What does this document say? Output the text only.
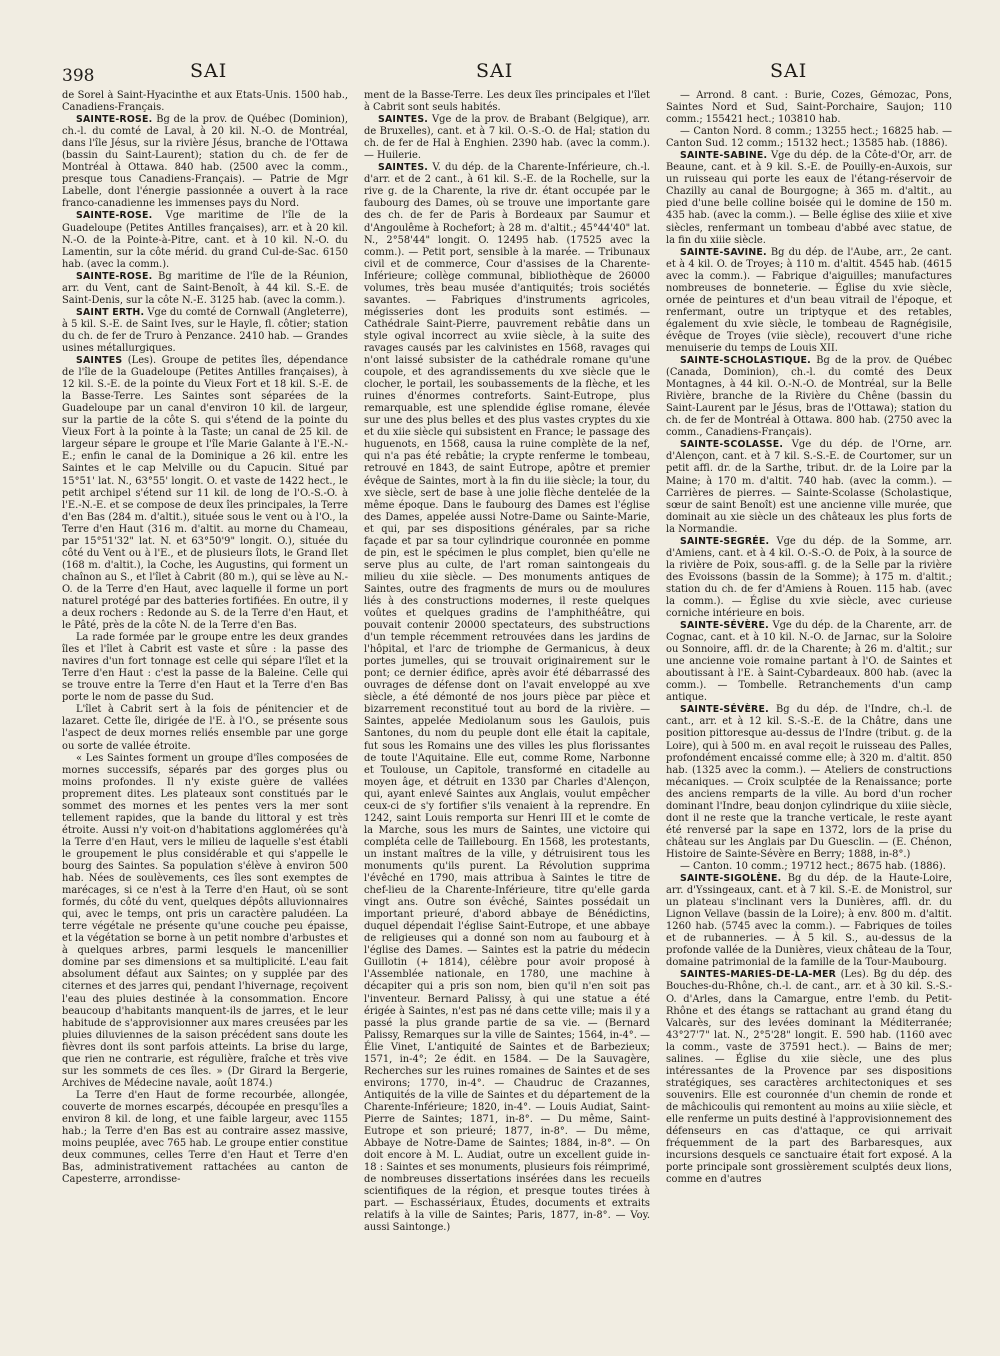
398	SAI	SAI	SAI

de Sorel à Saint-Hyacinthe et aux États-Unis. 1500 hab., Canadiens-Français.

SAINTE-ROSE. Bg de la prov. de Québec (Dominion), ch.-l. du comté de Laval, à 20 kil. N.-O. de Montréal, dans l'île Jésus, sur la rivière Jésus, branche de l'Ottawa (bassin du Saint-Laurent); station du ch. de fer de Montréal à Ottawa. 840 hab. (2500 avec la comm., presque tous Canadiens-Français). — Patrie de Mgr Labelle, dont l'énergie passionnée a ouvert à la race franco-canadienne les immenses pays du Nord.

SAINTE-ROSE. Vge maritime de l'île de la Guadeloupe (Petites Antilles françaises), arr. et à 20 kil. N.-O. de la Pointe-à-Pitre, cant. et à 10 kil. N.-O. du Lamentin, sur la côte mérid. du grand Cul-de-Sac. 6150 hab. (avec la comm.).

SAINTE-ROSE. Bg maritime de l'île de la Réunion, arr. du Vent, cant de Saint-Benoît, à 44 kil. S.-E. de Saint-Denis, sur la côte N.-E. 3125 hab. (avec la comm.).

SAINT ERTH. Vge du comté de Cornwall (Angleterre), à 5 kil. S.-E. de Saint Ives, sur le Hayle, fl. côtier; station du ch. de fer de Truro à Penzance. 2410 hab. — Grandes usines métallurgiques.

SAINTES (Les). Groupe de petites îles, dépendance de l'île de la Guadeloupe (Petites Antilles françaises), à 12 kil. S.-E. de la pointe du Vieux Fort et 18 kil. S.-E. de la Basse-Terre. Les Saintes sont séparées de la Guadeloupe par un canal d'environ 10 kil. de largeur, sur la partie de la côte S. qui s'étend de la pointe du Vieux Fort à la pointe à la Taste; un canal de 25 kil. de largeur sépare le groupe et l'île Marie Galante à l'E.-N.-E.; enfin le canal de la Dominique a 26 kil. entre les Saintes et le cap Melville ou du Capucin. Situé par 15°51' lat. N., 63°55' longit. O. et vaste de 1422 hect., le petit archipel s'étend sur 11 kil. de long de l'O.-S.-O. à l'E.-N.-E. et se compose de deux îles principales, la Terre d'en Bas (284 m. d'altit.), située sous le vent ou à l'O., la Terre d'en Haut (316 m. d'altit. au morne du Chameau, par 15°51'32" lat. N. et 63°50'9" longit. O.), située du côté du Vent ou à l'E., et de plusieurs îlots, le Grand Ilet (168 m. d'altit.), la Coche, les Augustins, qui forment un chaînon au S., et l'îlet à Cabrit (80 m.), qui se lève au N.-O. de la Terre d'en Haut, avec laquelle il forme un port naturel protégé par des batteries fortifiées. En outre, il y a deux rochers : Redonde au S. de la Terre d'en Haut, et le Pâté, près de la côte N. de la Terre d'en Bas.

La rade formée par le groupe entre les deux grandes îles et l'îlet à Cabrit est vaste et sûre : la passe des navires d'un fort tonnage est celle qui sépare l'îlet et la Terre d'en Haut : c'est la passe de la Baleine. Celle qui se trouve entre la Terre d'en Haut et la Terre d'en Bas porte le nom de passe du Sud.

L'îlet à Cabrit sert à la fois de pénitencier et de lazaret. Cette île, dirigée de l'E. à l'O., se présente sous l'aspect de deux mornes reliés ensemble par une gorge ou sorte de vallée étroite.

« Les Saintes forment un groupe d'îles composées de mornes successifs, séparés par des gorges plus ou moins profondes. Il n'y existe guère de vallées proprement dites. Les plateaux sont constitués par le sommet des mornes et les pentes vers la mer sont tellement rapides, que la bande du littoral y est très étroite. Aussi n'y voit-on d'habitations agglomérées qu'à la Terre d'en Haut, vers le milieu de laquelle s'est établi le groupement le plus considérable et qui s'appelle le bourg des Saintes. Sa population s'élève à environ 500 hab. Nées de soulèvements, ces îles sont exemptes de marécages, si ce n'est à la Terre d'en Haut, où se sont formés, du côté du vent, quelques dépôts alluvionnaires qui, avec le temps, ont pris un caractère paludéen. La terre végétale ne présente qu'une couche peu épaisse, et la végétation se borne à un petit nombre d'arbustes et à quelques arbres, parmi lesquels le mancenillier domine par ses dimensions et sa multiplicité. L'eau fait absolument défaut aux Saintes; on y supplée par des citernes et des jarres qui, pendant l'hivernage, reçoivent l'eau des pluies destinée à la consommation. Encore beaucoup d'habitants manquent-ils de jarres, et le leur habitude de s'approvisionner aux mares creusées par les pluies diluviennes de la saison précédent sans doute les fièvres dont ils sont parfois atteints. La brise du large, que rien ne contrarie, est régulière, fraîche et très vive sur les sommets de ces îles. » (Dr Girard la Bergerie, Archives de Médecine navale, août 1874.)

La Terre d'en Haut de forme recourbée, allongée, couverte de mornes escarpés, découpée en presqu'îles a environ 8 kil. de long, et une faible largeur, avec 1155 hab.; la Terre d'en Bas est au contraire assez massive, moins peuplée, avec 765 hab. Le groupe entier constitue deux communes, celles Terre d'en Haut et Terre d'en Bas, administrativement rattachées au canton de Capesterre, arrondisse-

ment de la Basse-Terre. Les deux îles principales et l'îlet à Cabrit sont seuls habités.

SAINTES. Vge de la prov. de Brabant (Belgique), arr. de Bruxelles), cant. et à 7 kil. O.-S.-O. de Hal; station du ch. de fer de Hal à Enghien. 2390 hab. (avec la comm.). — Huilerie.

SAINTES. V. du dép. de la Charente-Inférieure, ch.-l. d'arr. et de 2 cant., à 61 kil. S.-E. de la Rochelle, sur la rive g. de la Charente, la rive dr. étant occupée par le faubourg des Dames, où se trouve une importante gare des ch. de fer de Paris à Bordeaux par Saumur et d'Angoulême à Rochefort; à 28 m. d'altit.; 45°44'40" lat. N., 2°58'44" longit. O. 12495 hab. (17525 avec la comm.). — Petit port, sensible à la marée. — Tribunaux civil et de commerce, Cour d'assises de la Charente-Inférieure; collège communal, bibliothèque de 26000 volumes, très beau musée d'antiquités; trois sociétés savantes. — Fabriques d'instruments agricoles, mégisseries dont les produits sont estimés. — Cathédrale Saint-Pierre, pauvrement rebâtie dans un style ogival incorrect au xviie siècle, à la suite des ravages causés par les calvinistes en 1568, ravages qui n'ont laissé subsister de la cathédrale romane qu'une coupole, et des agrandissements du xve siècle que le clocher, le portail, les soubassements de la flèche, et les ruines d'énormes contreforts. Saint-Eutrope, plus remarquable, est une splendide église romane, élevée sur une des plus belles et des plus vastes cryptes du xie et du xiie siècle qui subsistent en France; le passage des huguenots, en 1568, causa la ruine complète de la nef, qui n'a pas été rebâtie; la crypte renferme le tombeau, retrouvé en 1843, de saint Eutrope, apôtre et premier évêque de Saintes, mort à la fin du iiie siècle; la tour, du xve siècle, sert de base à une jolie flèche dentelée de la même époque. Dans le faubourg des Dames est l'église des Dames, appelée aussi Notre-Dame ou Sainte-Marie, et qui, par ses dispositions générales, par sa riche façade et par sa tour cylindrique couronnée en pomme de pin, est le spécimen le plus complet, bien qu'elle ne serve plus au culte, de l'art roman saintongeais du milieu du xiie siècle. — Des monuments antiques de Saintes, outre des fragments de murs ou de moulures liés à des constructions modernes, il reste quelques voûtes et quelques gradins de l'amphithéâtre, qui pouvait contenir 20000 spectateurs, des substructions d'un temple récemment retrouvées dans les jardins de l'hôpital, et l'arc de triomphe de Germanicus, à deux portes jumelles, qui se trouvait originairement sur le pont; ce dernier édifice, après avoir été débarrassé des ouvrages de défense dont on l'avait enveloppé au xve siècle, a été démonté de nos jours pièce par pièce et bizarrement reconstitué tout au bord de la rivière. — Saintes, appelée Mediolanum sous les Gaulois, puis Santones, du nom du peuple dont elle était la capitale, fut sous les Romains une des villes les plus florissantes de toute l'Aquitaine. Elle eut, comme Rome, Narbonne et Toulouse, un Capitole, transformé en citadelle au moyen âge, et détruit en 1330 par Charles d'Alençon, qui, ayant enlevé Saintes aux Anglais, voulut empêcher ceux-ci de s'y fortifier s'ils venaient à la reprendre. En 1242, saint Louis remporta sur Henri III et le comte de la Marche, sous les murs de Saintes, une victoire qui compléta celle de Taillebourg. En 1568, les protestants, un instant maîtres de la ville, y détruisirent tous les monuments qu'ils purent. La Révolution supprima l'évêché en 1790, mais attribua à Saintes le titre de chef-lieu de la Charente-Inférieure, titre qu'elle garda vingt ans. Outre son évêché, Saintes possédait un important prieuré, d'abord abbaye de Bénédictins, duquel dépendait l'église Saint-Eutrope, et une abbaye de religieuses qui a donné son nom au faubourg et à l'église des Dames. — Saintes est la patrie du médecin Guillotin (+ 1814), célèbre pour avoir proposé à l'Assemblée nationale, en 1780, une machine à décapiter qui a pris son nom, bien qu'il n'en soit pas l'inventeur. Bernard Palissy, à qui une statue a été érigée à Saintes, n'est pas né dans cette ville; mais il y a passé la plus grande partie de sa vie. — (Bernard Palissy, Remarques sur la ville de Saintes; 1564, in-4°. — Élie Vinet, L'antiquité de Saintes et de Barbezieux; 1571, in-4°; 2e édit. en 1584. — De la Sauvagère, Recherches sur les ruines romaines de Saintes et de ses environs; 1770, in-4°. — Chaudruc de Crazannes, Antiquités de la ville de Saintes et du département de la Charente-Inférieure; 1820, in-4°. — Louis Audiat, Saint-Pierre de Saintes; 1871, in-8°. — Du même, Saint-Eutrope et son prieuré; 1877, in-8°. — Du même, Abbaye de Notre-Dame de Saintes; 1884, in-8°. — On doit encore à M. L. Audiat, outre un excellent guide in-18 : Saintes et ses monuments, plusieurs fois réimprimé, de nombreuses dissertations insérées dans les recueils scientifiques de la région, et presque toutes tirées à part. — Eschassériaux, Études, documents et extraits relatifs à la ville de Saintes; Paris, 1877, in-8°. — Voy. aussi Saintonge.)

— Arrond. 8 cant. : Burie, Cozes, Gémozac, Pons, Saintes Nord et Sud, Saint-Porchaire, Saujon; 110 comm.; 155421 hect.; 103810 hab.

— Canton Nord. 8 comm.; 13255 hect.; 16825 hab. — Canton Sud. 12 comm.; 15132 hect.; 13585 hab. (1886).

SAINTE-SABINE. Vge du dép. de la Côte-d'Or, arr. de Beaune, cant. et à 9 kil. S.-E. de Pouilly-en-Auxois, sur un ruisseau qui porte les eaux de l'étang-réservoir de Chazilly au canal de Bourgogne; à 365 m. d'altit., au pied d'une belle colline boisée qui le domine de 150 m. 435 hab. (avec la comm.). — Belle église des xiiie et xive siècles, renfermant un tombeau d'abbé avec statue, de la fin du xiiie siècle.

SAINTE-SAVINE. Bg du dép. de l'Aube, arr., 2e cant. et à 4 kil. O. de Troyes; à 110 m. d'altit. 4545 hab. (4615 avec la comm.). — Fabrique d'aiguilles; manufactures nombreuses de bonneterie. — Église du xvie siècle, ornée de peintures et d'un beau vitrail de l'époque, et renfermant, outre un triptyque et des retables, également du xvie siècle, le tombeau de Ragnégisile, évêque de Troyes (viie siècle), recouvert d'une riche menuiserie du temps de Louis XII.

SAINTE-SCHOLASTIQUE. Bg de la prov. de Québec (Canada, Dominion), ch.-l. du comté des Deux Montagnes, à 44 kil. O.-N.-O. de Montréal, sur la Belle Rivière, branche de la Rivière du Chêne (bassin du Saint-Laurent par le Jésus, bras de l'Ottawa); station du ch. de fer de Montréal à Ottawa. 800 hab. (2750 avec la comm., Canadiens-Français).

SAINTE-SCOLASSE. Vge du dép. de l'Orne, arr. d'Alençon, cant. et à 7 kil. S.-S.-E. de Courtomer, sur un petit affl. dr. de la Sarthe, tribut. dr. de la Loire par la Maine; à 170 m. d'altit. 740 hab. (avec la comm.). — Carrières de pierres. — Sainte-Scolasse (Scholastique, sœur de saint Benoît) est une ancienne ville murée, que dominait au xie siècle un des châteaux les plus forts de la Normandie.

SAINTE-SEGRÉE. Vge du dép. de la Somme, arr. d'Amiens, cant. et à 4 kil. O.-S.-O. de Poix, à la source de la rivière de Poix, sous-affl. g. de la Selle par la rivière des Evoissons (bassin de la Somme); à 175 m. d'altit.; station du ch. de fer d'Amiens à Rouen. 115 hab. (avec la comm.). — Église du xvie siècle, avec curieuse corniche intérieure en bois.

SAINTE-SÉVÈRE. Vge du dép. de la Charente, arr. de Cognac, cant. et à 10 kil. N.-O. de Jarnac, sur la Soloire ou Sonnoire, affl. dr. de la Charente; à 26 m. d'altit.; sur une ancienne voie romaine partant à l'O. de Saintes et aboutissant à l'E. à Saint-Cybardeaux. 800 hab. (avec la comm.). — Tombelle. Retranchements d'un camp antique.

SAINTE-SÉVÈRE. Bg du dép. de l'Indre, ch.-l. de cant., arr. et à 12 kil. S.-S.-E. de la Châtre, dans une position pittoresque au-dessus de l'Indre (tribut. g. de la Loire), qui à 500 m. en aval reçoit le ruisseau des Palles, profondément encaissé comme elle; à 320 m. d'altit. 850 hab. (1325 avec la comm.). — Ateliers de constructions mécaniques. — Croix sculptée de la Renaissance; porte des anciens remparts de la ville. Au bord d'un rocher dominant l'Indre, beau donjon cylindrique du xiiie siècle, dont il ne reste que la tranche verticale, le reste ayant été renversé par la sape en 1372, lors de la prise du château sur les Anglais par Du Guesclin. — (E. Chénon, Histoire de Sainte-Sévère en Berry; 1888, in-8°.)

— Canton. 10 comm.; 19712 hect.; 8675 hab. (1886).

SAINTE-SIGOLÈNE. Bg du dép. de la Haute-Loire, arr. d'Yssingeaux, cant. et à 7 kil. S.-E. de Monistrol, sur un plateau s'inclinant vers la Dunières, affl. dr. du Lignon Vellave (bassin de la Loire); à env. 800 m. d'altit. 1260 hab. (5745 avec la comm.). — Fabriques de toiles et de rubanneries. — À 5 kil. S., au-dessus de la profonde vallée de la Dunières, vieux château de la Tour, domaine patrimonial de la famille de la Tour-Maubourg.

SAINTES-MARIES-DE-LA-MER (Les). Bg du dép. des Bouches-du-Rhône, ch.-l. de cant., arr. et à 30 kil. S.-S.-O. d'Arles, dans la Camargue, entre l'emb. du Petit-Rhône et des étangs se rattachant au grand étang du Valcarès, sur des levées dominant la Méditerranée; 43°27'7" lat. N., 2°5'28" longit. E. 590 hab. (1160 avec la comm., vaste de 37591 hect.). — Bains de mer; salines. — Église du xiie siècle, une des plus intéressantes de la Provence par ses dispositions stratégiques, ses caractères architectoniques et ses souvenirs. Elle est couronnée d'un chemin de ronde et de mâchicoulis qui remontent au moins au xiiie siècle, et elle renferme un puits destiné à l'approvisionnement des défenseurs en cas d'attaque, ce qui arrivait fréquemment de la part des Barbaresques, aux incursions desquels ce sanctuaire était fort exposé. A la porte principale sont grossièrement sculptés deux lions, comme en d'autres
